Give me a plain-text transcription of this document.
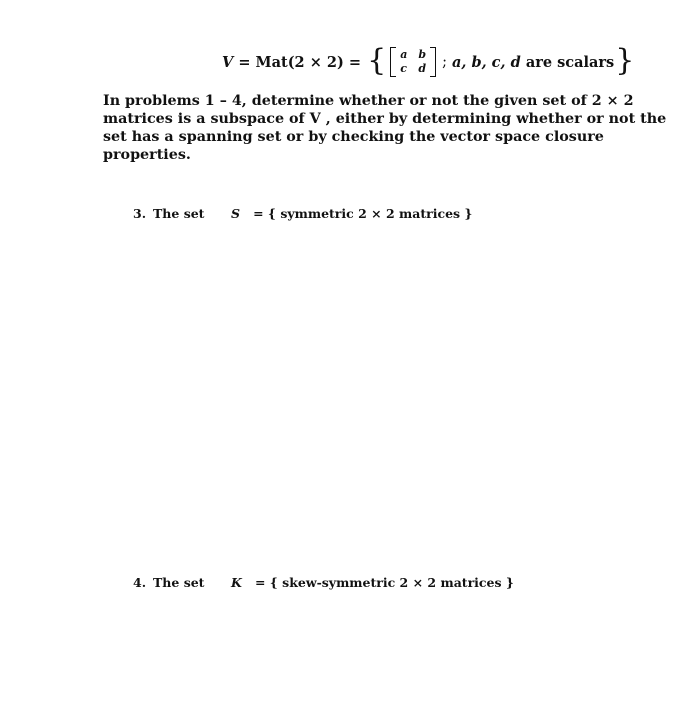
V
=
Mat(2 × 2)
=
{ a b
c d ; a, b, c, d
are scalars }
In problems 1 – 4, determine whether or not the given set of 2 × 2 matrices is a subspace of V , either by determining whether or not the set has a spanning set or by checking the vector space closure properties.
3. The set	S = { symmetric 2 × 2 matrices }
4. The set	K = { skew-symmetric 2 × 2 matrices }
